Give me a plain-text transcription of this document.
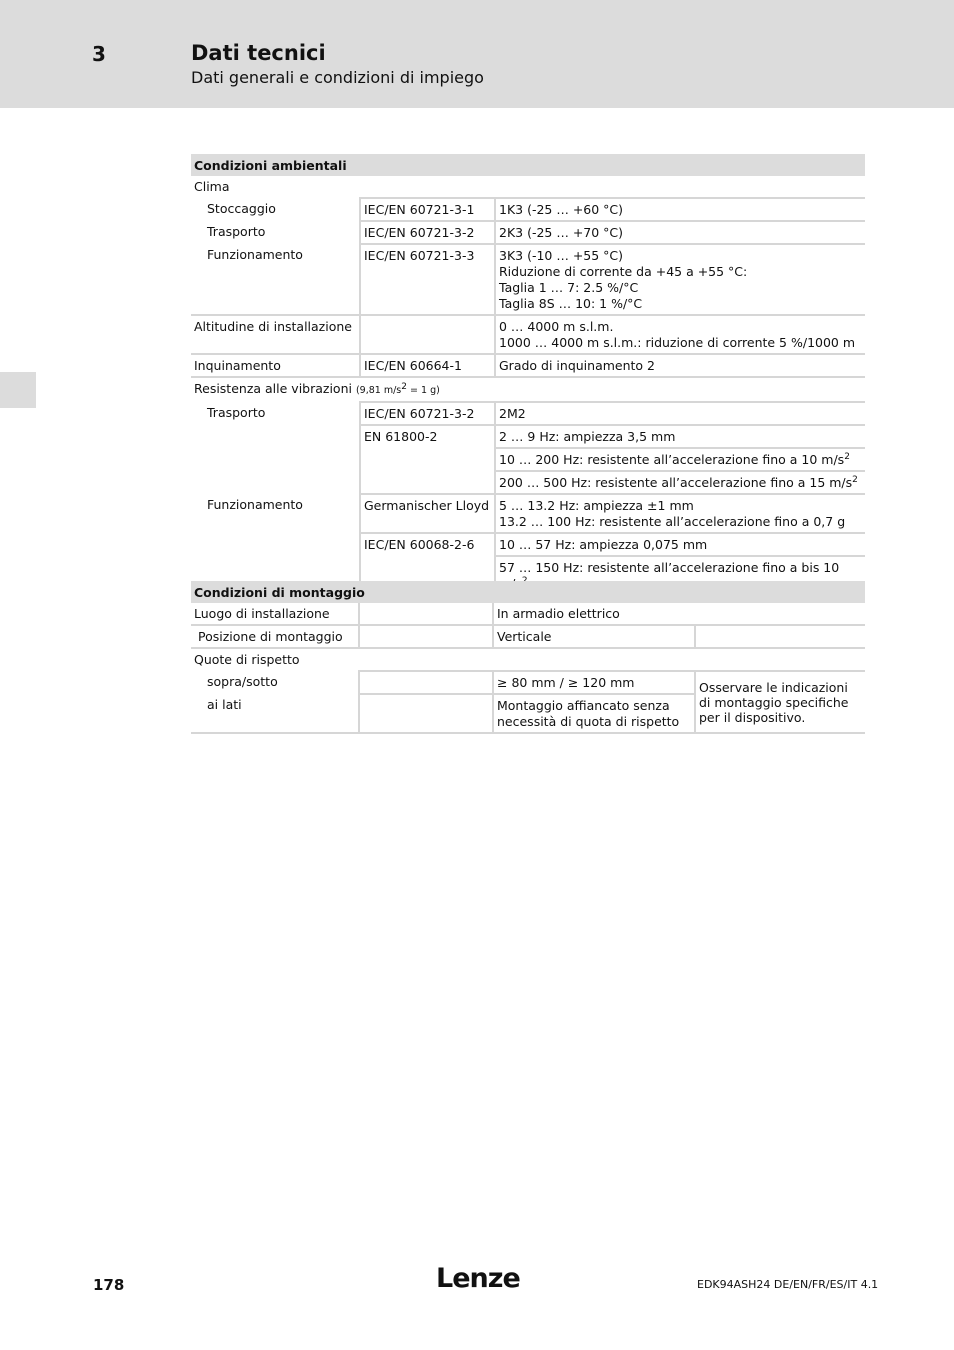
3	Dati tecnici
Dati generali e condizioni di impiego
Condizioni ambientali		
Clima		
Stoccaggio	IEC/EN 60721-3-1	1K3 (-25 … +60 °C)
Trasporto	IEC/EN 60721-3-2	2K3 (-25 … +70 °C)
Funzionamento	IEC/EN 60721-3-3	3K3 (-10 … +55 °C)
Riduzione di corrente da +45 a +55 °C:
Taglia 1 … 7: 2.5 %/°C
Taglia 8S … 10: 1 %/°C

Altitudine di installazione		0 … 4000 m s.l.m.
1000 … 4000 m s.l.m.: riduzione di corrente 5 %/1000 m

Inquinamento	IEC/EN 60664-1	Grado di inquinamento 2
Resistenza alle vibrazioni (9,81 $m/s^2 = 1$ g)		
Trasporto	IEC/EN 60721-3-2	2M2
	EN 61800-2	2 … 9 Hz: ampiezza 3,5 mm
		10 … 200 Hz: resistente all’accelerazione fino a 10 $m/s^2$
		200 … 500 Hz: resistente all’accelerazione fino a 15 $m/s^2$
Funzionamento	Germanischer Lloyd	5 … 13.2 Hz: ampiezza ±1 mm
13.2 … 100 Hz: resistente all’accelerazione fino a 0,7 g

	IEC/EN 60068-2-6	10 … 57 Hz: ampiezza 0,075 mm
		57 … 150 Hz: resistente all’accelerazione fino a bis 10
Condizioni di montaggio			
Luogo di installazione		In armadio elettrico	
Posizione di montaggio		Verticale	
Quote di rispetto			
sopra/sotto		≥ 80 mm / ≥ 120 mm	Osservare le indicazioni di montaggio specifiche per il dispositivo.
ai lati		Montaggio affiancato senza necessità di quota di rispetto	
178	Lenze	EDK94ASH24 DE/EN/FR/ES/IT 4.1
